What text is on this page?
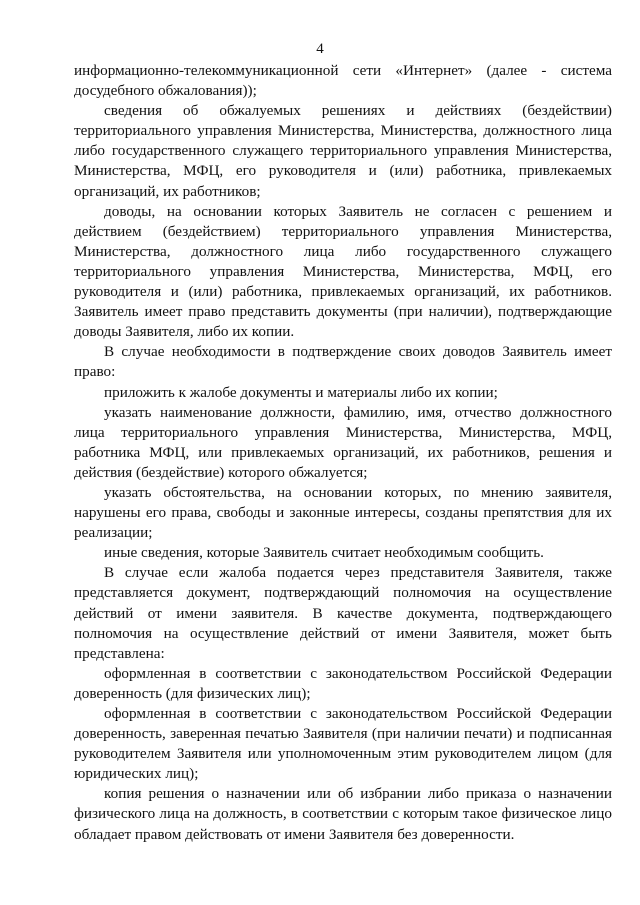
4

информационно-телекоммуникационной сети «Интернет» (далее - система досудебного обжалования));

сведения об обжалуемых решениях и действиях (бездействии) территориального управления Министерства, Министерства, должностного лица либо государственного служащего территориального управления Министерства, Министерства, МФЦ, его руководителя и (или) работника, привлекаемых организаций, их работников;

доводы, на основании которых Заявитель не согласен с решением и действием (бездействием) территориального управления Министерства, Министерства, должностного лица либо государственного служащего территориального управления Министерства, Министерства, МФЦ, его руководителя и (или) работника, привлекаемых организаций, их работников. Заявитель имеет право представить документы (при наличии), подтверждающие доводы Заявителя, либо их копии.

В случае необходимости в подтверждение своих доводов Заявитель имеет право:

приложить к жалобе документы и материалы либо их копии;

указать наименование должности, фамилию, имя, отчество должностного лица территориального управления Министерства, Министерства, МФЦ, работника МФЦ, или привлекаемых организаций, их работников, решения и действия (бездействие) которого обжалуется;

указать обстоятельства, на основании которых, по мнению заявителя, нарушены его права, свободы и законные интересы, созданы препятствия для их реализации;

иные сведения, которые Заявитель считает необходимым сообщить.

В случае если жалоба подается через представителя Заявителя, также представляется документ, подтверждающий полномочия на осуществление действий от имени заявителя. В качестве документа, подтверждающего полномочия на осуществление действий от имени Заявителя, может быть представлена:

оформленная в соответствии с законодательством Российской Федерации доверенность (для физических лиц);

оформленная в соответствии с законодательством Российской Федерации доверенность, заверенная печатью Заявителя (при наличии печати) и подписанная руководителем Заявителя или уполномоченным этим руководителем лицом (для юридических лиц);

копия решения о назначении или об избрании либо приказа о назначении физического лица на должность, в соответствии с которым такое физическое лицо обладает правом действовать от имени Заявителя без доверенности.
